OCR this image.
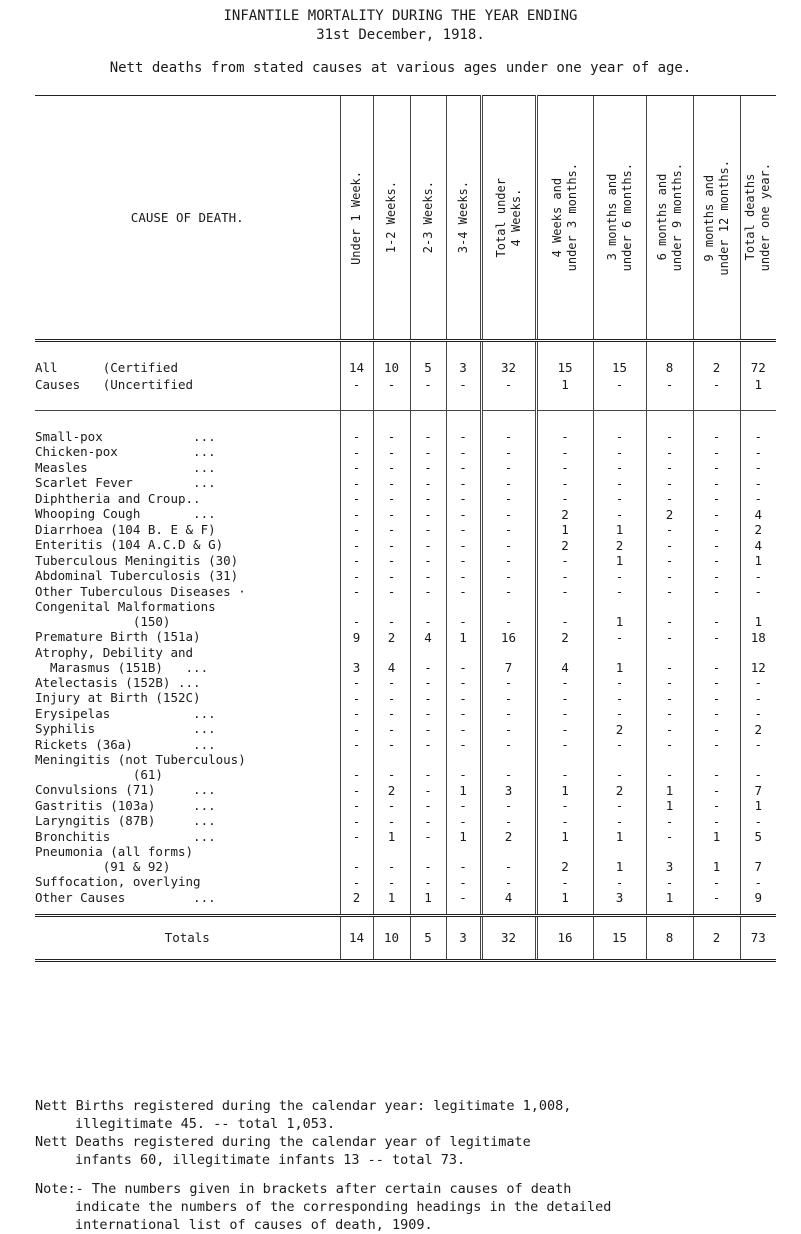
INFANTILE MORTALITY DURING THE YEAR ENDING
31st December, 1918.
Nett deaths from stated causes at various ages under one year of age.
CAUSE OF DEATH.	Under 1 Week.	1-2 Weeks.	2-3 Weeks.	3-4 Weeks.	Total under
4 Weeks.	4 Weeks and
under 3 months.	3 months and
under 6 months.	6 months and
under 9 months.	9 months and
under 12 months.	Total deaths
under one year.

All      (Certified	14	10	5	3	32	15	15	8	2	72
Causes   (Uncertified	-	-	-	-	-	1	-	-	-	1

Small-pox            ...	-	-	-	-	-	-	-	-	-	-

Chicken-pox          ...	-	-	-	-	-	-	-	-	-	-

Measles              ...	-	-	-	-	-	-	-	-	-	-

Scarlet Fever        ...	-	-	-	-	-	-	-	-	-	-

Diphtheria and Croup..	-	-	-	-	-	-	-	-	-	-

Whooping Cough       ...	-	-	-	-	-	2	-	2	-	4

Diarrhoea (104 B. E & F)	-	-	-	-	-	1	1	-	-	2

Enteritis (104 A.C.D & G)	-	-	-	-	-	2	2	-	-	4

Tuberculous Meningitis (30)	-	-	-	-	-	-	1	-	-	1

Abdominal Tuberculosis (31)	-	-	-	-	-	-	-	-	-	-

Other Tuberculous Diseases ·	-	-	-	-	-	-	-	-	-	-

Congenital Malformations
(150)	-	-	-	-	-	-	1	-	-	1

Premature Birth (151a)	9	2	4	1	16	2	-	-	-	18

Atrophy, Debility and
Marasmus (151B)   ...	3	4	-	-	7	4	1	-	-	12

Atelectasis (152B) ...	-	-	-	-	-	-	-	-	-	-

Injury at Birth (152C)	-	-	-	-	-	-	-	-	-	-

Erysipelas           ...	-	-	-	-	-	-	-	-	-	-

Syphilis             ...	-	-	-	-	-	-	2	-	-	2

Rickets (36a)        ...	-	-	-	-	-	-	-	-	-	-

Meningitis (not Tuberculous)
(61)	-	-	-	-	-	-	-	-	-	-

Convulsions (71)     ...	-	2	-	1	3	1	2	1	-	7

Gastritis (103a)     ...	-	-	-	-	-	-	-	1	-	1

Laryngitis (87B)     ...	-	-	-	-	-	-	-	-	-	-

Bronchitis           ...	-	1	-	1	2	1	1	-	1	5

Pneumonia (all forms)
(91 & 92)	-	-	-	-	-	2	1	3	1	7

Suffocation, overlying	-	-	-	-	-	-	-	-	-	-

Other Causes         ...	2	1	1	-	4	1	3	1	-	9

Totals	14	10	5	3	32	16	15	8	2	73

Nett Births registered during the calendar year: legitimate 1,008,

illegitimate 45. -- total 1,053.

Nett Deaths registered during the calendar year of legitimate

infants 60, illegitimate infants 13 -- total 73.

Note:- The numbers given in brackets after certain causes of death

indicate the numbers of the corresponding headings in the detailed

international list of causes of death, 1909.
